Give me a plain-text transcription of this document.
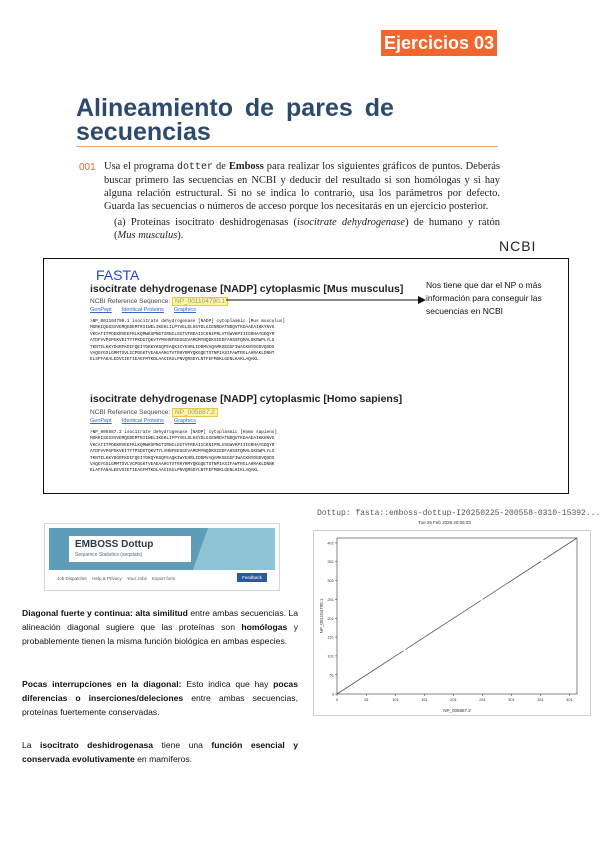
Ejercicios 03
Alineamiento de pares de
secuencias
001 Usa el programa dotter de Emboss para realizar los siguientes gráficos de puntos. Deberás buscar primero las secuencias en NCBI y deducir del resultado si son homólogas y si hay alguna relación estructural. Si no se indica lo contrario, usa los parámetros por defecto. Guarda las secuencias o números de acceso porque los necesitarás en un ejercicio posterior.
(a) Proteínas isocitrato deshidrogenasas (isocitrate dehydrogenase) de humano y ratón (Mus musculus).
NCBI
FASTA
isocitrate dehydrogenase [NADP] cytoplasmic [Mus musculus]
NCBI Reference Sequence: NP_001104790.1
GenPept Identical Proteins Graphics
>NP_001104790.1 isocitrate dehydrogenase [NADP] cytoplasmic [Mus musculus]
MSRKIQGGSVVEMQGDEMTRIIWELIKEKLILPYVELDLHSYDLGIENRDATNDQVTKDAAEAIKKYNVG
VKCATITPDEKRVEEFKLKQMWKSPNGTIRNILGGTVFREAIICKNIPRLVTGWVKPIIIGRHAYGDQYR
ATDFVVPGPGKVEITYTPKDGTQKVTYMVHNFEEGGGVAMGMYNQDKSIEDFAHSSFQMALSKGWPLYLS
TKNTILKKYDGRFKDIFQEIYDKKYKSQFEAQKICYEHRLIDDMVAQAMKSEGGFIWACKNYDGDVQSDS
VAQGYGSLGMMTSVLICPDGKTVEAEAAHGTVTRHYRMYQKGQETSTNPIASIFAWTRGLAHRAKLDNNT
ELSFFAKALEDVCIETIEAGFMTKDLAACIKGLPNVQRSDYLNTFEFMDKLGENLKAKLAQAKL
Nos tiene que dar el NP o más información para conseguir las secuencias en NCBI
isocitrate dehydrogenase [NADP] cytoplasmic [Homo sapiens]
NCBI Reference Sequence: NP_005887.2
GenPept Identical Proteins Graphics
>NP_005887.2 isocitrate dehydrogenase [NADP] cytoplasmic [Homo sapiens]
MSKKISGGSVVEMQGDEMTRIIWELIKEKLIFPYVELDLHSYDLGIENRDATNDQVTKDAAEAIKKHNVG
VKCATITPDEKRVEEFKLKQMWKSPNGTIRNILGGTVFREAIICKNIPRLVSGWVKPIIIGRHAYGDQYR
ATDFVVPGPGKVEITYTPSDGTQKVTYLVHNFEEGGGVAMGMYNQDKSIEDFAHSSFQMALSKGWPLYLS
TKNTILKKYDGRFKDIFQEIYDKQYKSQFEAQKIWYEHRLIDDMVAQAMKSEGGFIWACKNYDGDVQSDS
VAQGYGSLGMMTSVLVCPDGKTVEAEAAHGTVTRHYRMYQKGQETSTNPIASIFAWTRGLAHRAKLDNNK
ELAFFANALEEVSIETIEAGFMTKDLAACIKGLPNVQRSDYLNTFEFMDKLGENLKIKLAQAKL
EMBOSS Dottup
Sequence Statistics (seqstats)
Job Dispatcher Help & Privacy Your Jobs Export form	Feedback
Dottup: fasta::emboss-dottup-I20250225-200558-0310-15392...
Tue 25 Feb 2025 20:05:03
0	51	101	151	201	251	301	351	401
0
51
101
151
201
251
301
351
401
NP_005887.2
NP_001104790.1
Diagonal fuerte y continua: alta similitud entre ambas secuencias. La alineación diagonal sugiere que las proteínas son homólogas y probablemente tienen la misma función biológica en ambas especies.
Pocas interrupciones en la diagonal: Esto indica que hay pocas diferencias o inserciones/deleciones entre ambas secuencias, proteínas fuertemente conservadas.
La isocitrato deshidrogenasa tiene una función esencial y conservada evolutivamente en mamíferos.
